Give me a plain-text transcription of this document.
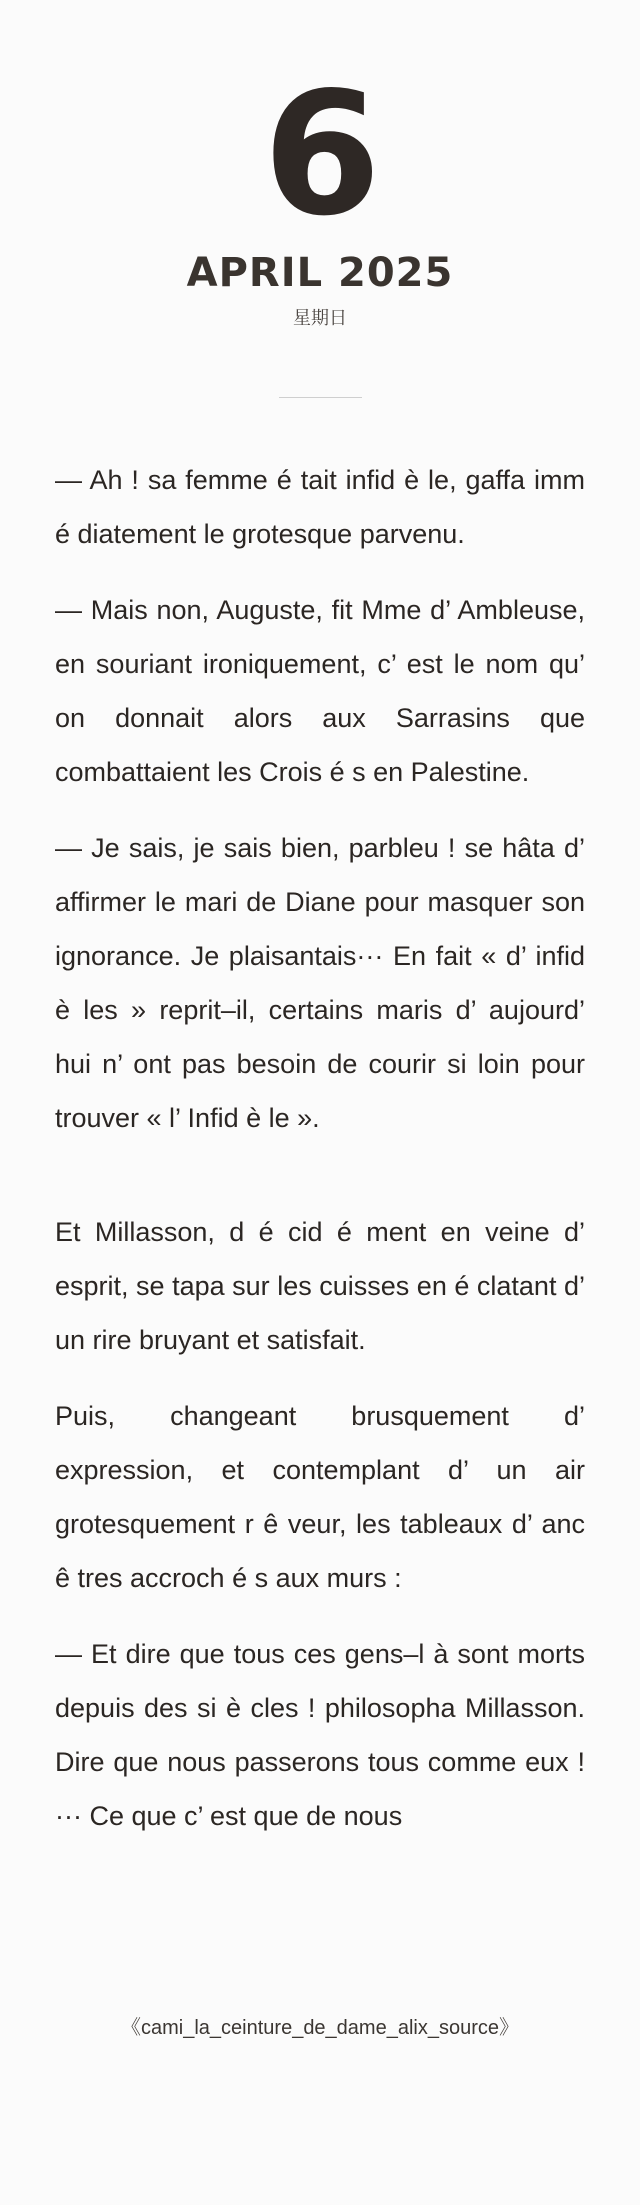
6
APRIL 2025
星期日

— Ah ! sa femme é tait infid è le, gaffa imm é diatement le grotesque parvenu.

— Mais non, Auguste, fit Mme d’ Ambleuse, en souriant ironiquement, c’ est le nom qu’ on donnait alors aux Sarrasins que combattaient les Crois é s en Palestine.

— Je sais, je sais bien, parbleu ! se hâta d’ affirmer le mari de Diane pour masquer son ignorance. Je plaisantais··· En fait « d’ infid è les » reprit–il, certains maris d’ aujourd’ hui n’ ont pas besoin de courir si loin pour trouver « l’ Infid è le ».

Et Millasson, d é cid é ment en veine d’ esprit, se tapa sur les cuisses en é clatant d’ un rire bruyant et satisfait.

Puis, changeant brusquement d’ expression, et contemplant d’ un air grotesquement r ê veur, les tableaux d’ anc ê tres accroch é s aux murs :

— Et dire que tous ces gens–l à sont morts depuis des si è cles ! philosopha Millasson. Dire que nous passerons tous comme eux !··· Ce que c’ est que de nous

《cami_la_ceinture_de_dame_alix_source》
